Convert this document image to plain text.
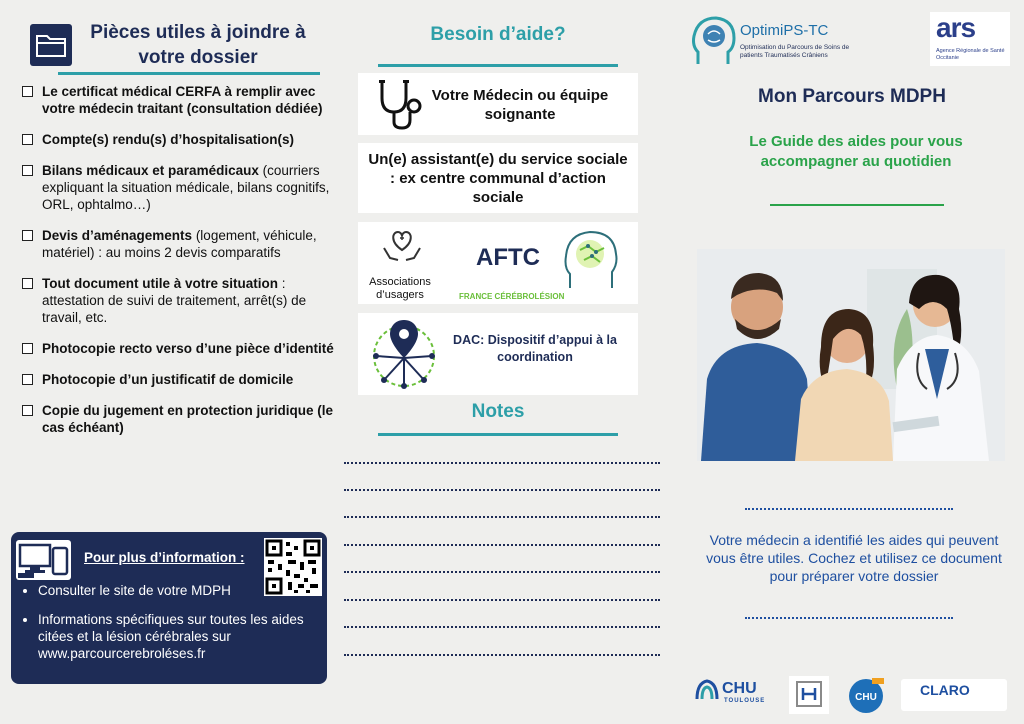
Pièces utiles à joindre à votre dossier
Le certificat médical CERFA à remplir avec votre médecin traitant (consultation dédiée)
Compte(s) rendu(s) d’hospitalisation(s)
Bilans médicaux et paramédicaux (courriers expliquant la situation médicale, bilans cognitifs, ORL, ophtalmo…)
Devis d’aménagements (logement, véhicule, matériel) : au moins 2 devis comparatifs
Tout document utile à votre situation : attestation de suivi de traitement, arrêt(s) de travail, etc.
Photocopie recto verso d’une pièce d’identité
Photocopie d’un justificatif de domicile
Copie du jugement en protection juridique (le cas échéant)
Pour plus d’information :
• Consulter le site de votre MDPH
• Informations spécifiques sur toutes les aides citées et la lésion cérébrales sur www.parcourcerebroléses.fr
Besoin d’aide?
Votre Médecin ou équipe soignante
Un(e) assistant(e) du service sociale : ex centre communal d’action sociale
Associations d’usagers
AFTC
FRANCE CÉRÉBROLÉSION
DAC: Dispositif d’appui à la coordination
Notes
OptimiPS-TC
Optimisation du Parcours de Soins de patients Traumatisés Crâniens
ars
Agence Régionale de Santé Occitanie
Mon Parcours MDPH
Le Guide des aides pour vous accompagner au quotidien
Votre médecin a identifié les aides qui peuvent vous être utiles. Cochez et utilisez ce document pour préparer votre dossier
CHU
TOULOUSE	CHU	CLARO
